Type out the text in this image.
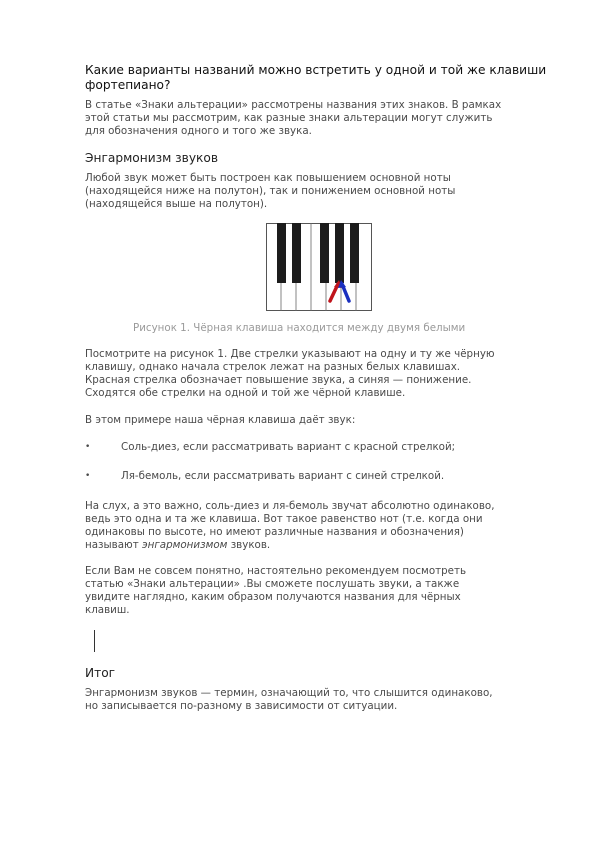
Какие варианты названий можно встретить у одной и той же клавиши

фортепиано?

В статье «Знаки альтерации» рассмотрены названия этих знаков. В рамках

этой статьи мы рассмотрим, как разные знаки альтерации могут служить

для обозначения одного и того же звука.

Энгармонизм звуков

Любой звук может быть построен как повышением основной ноты

(находящейся ниже на полутон), так и понижением основной ноты

(находящейся выше на полутон).

Рисунок 1. Чёрная клавиша находится между двумя белыми

Посмотрите на рисунок 1. Две стрелки указывают на одну и ту же чёрную

клавишу, однако начала стрелок лежат на разных белых клавишах.

Красная стрелка обозначает повышение звука, а синяя — понижение.

Сходятся обе стрелки на одной и той же чёрной клавише.

В этом примере наша чёрная клавиша даёт звук:

•	Соль-диез, если рассматривать вариант с красной стрелкой;

•	Ля-бемоль, если рассматривать вариант с синей стрелкой.

На слух, а это важно, соль-диез и ля-бемоль звучат абсолютно одинаково,

ведь это одна и та же клавиша. Вот такое равенство нот (т.е. когда они

одинаковы по высоте, но имеют различные названия и обозначения)

называют энгармонизмом звуков.

Если Вам не совсем понятно, настоятельно рекомендуем посмотреть

статью «Знаки альтерации» .Вы сможете послушать звуки, а также

увидите наглядно, каким образом получаются названия для чёрных

клавиш.

Итог

Энгармонизм звуков — термин, означающий то, что слышится одинаково,

но записывается по-разному в зависимости от ситуации.
